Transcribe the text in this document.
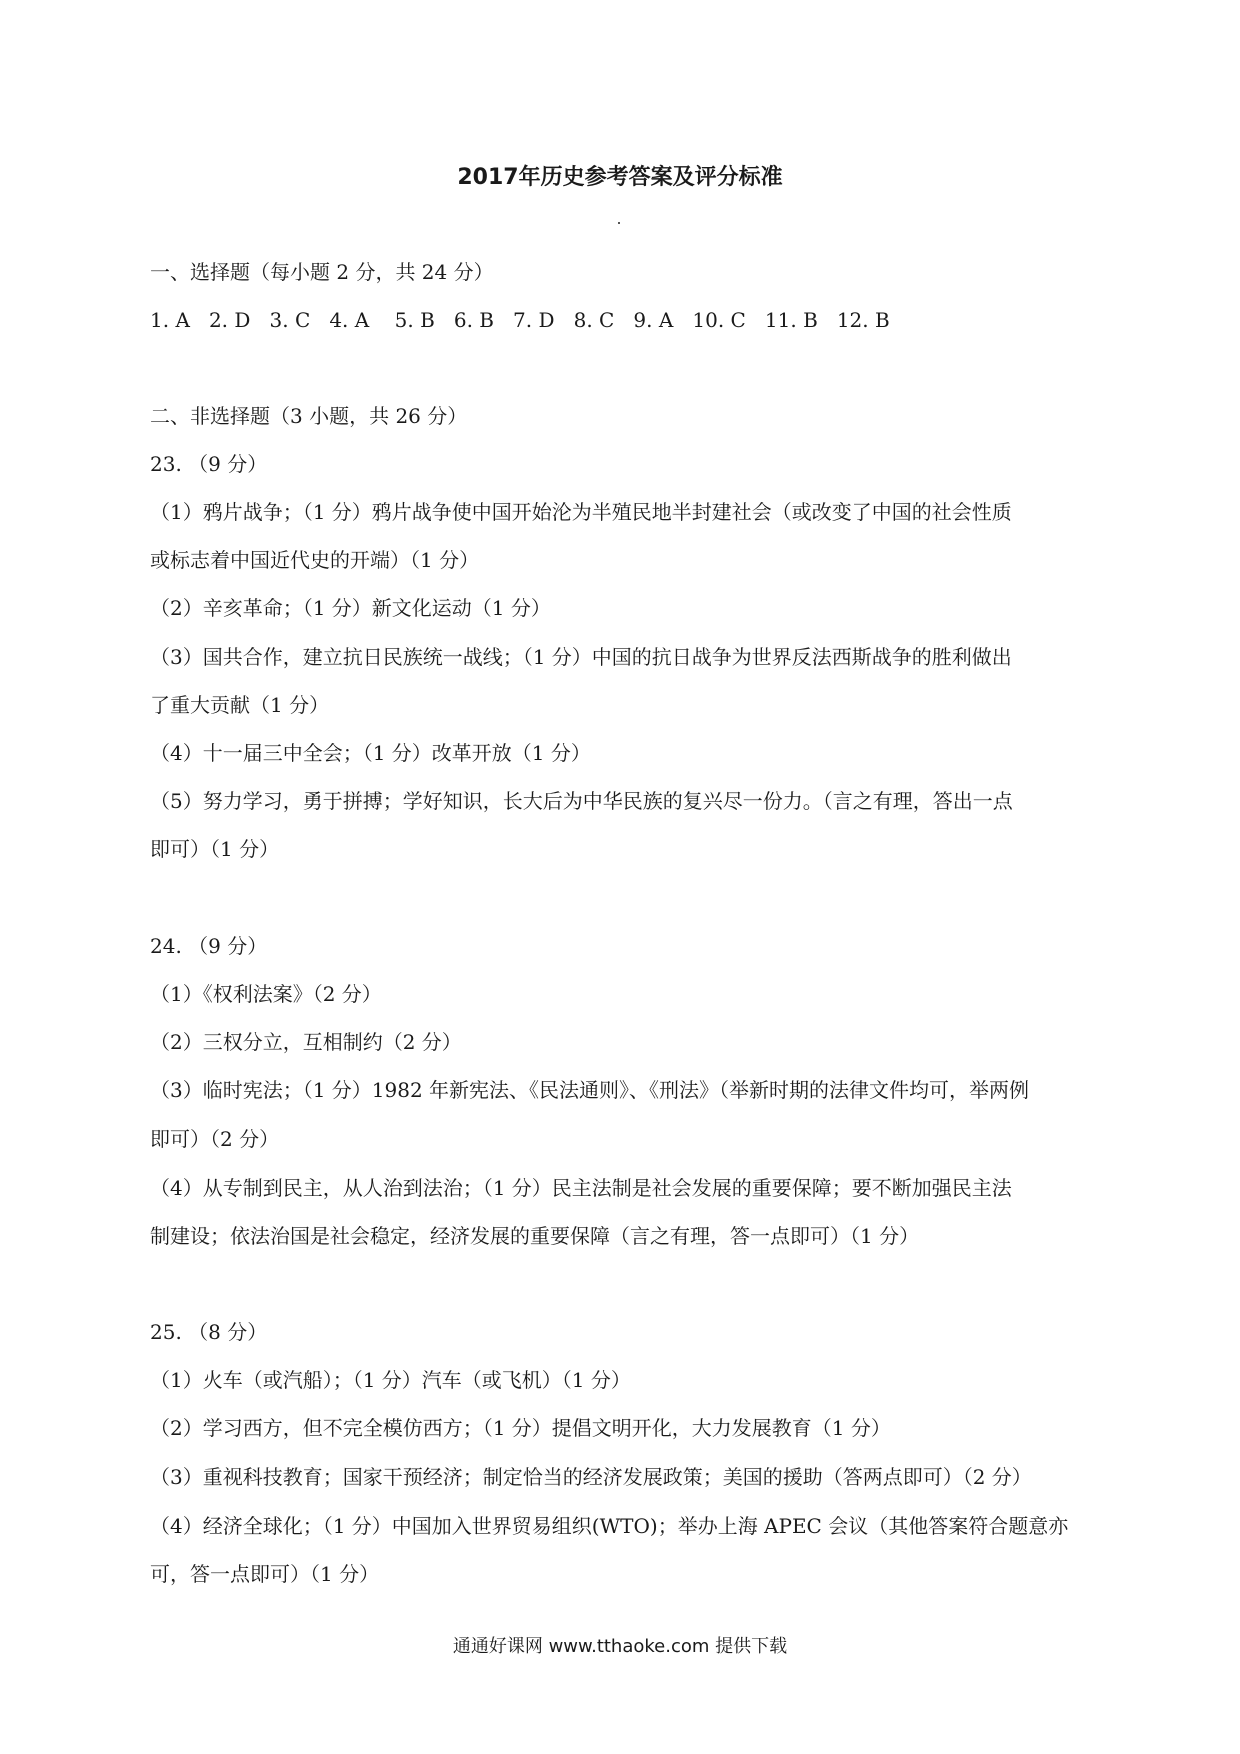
2017年历史参考答案及评分标准
一、选择题（每小题 2 分，共 24 分）
1. A   2. D   3. C   4. A    5. B   6. B   7. D   8. C   9. A   10. C   11. B   12. B
二、非选择题（3 小题，共 26 分）
23. （9 分）
（1）鸦片战争；（1 分）鸦片战争使中国开始沦为半殖民地半封建社会（或改变了中国的社会性质
或标志着中国近代史的开端）（1 分）
（2）辛亥革命；（1 分）新文化运动（1 分）
（3）国共合作，建立抗日民族统一战线；（1 分）中国的抗日战争为世界反法西斯战争的胜利做出
了重大贡献（1 分）
（4）十一届三中全会；（1 分）改革开放（1 分）
（5）努力学习，勇于拼搏；学好知识，长大后为中华民族的复兴尽一份力。（言之有理，答出一点
即可）（1 分）
24. （9 分）
（1）《权利法案》（2 分）
（2）三权分立，互相制约（2 分）
（3）临时宪法；（1 分）1982 年新宪法、《民法通则》、《刑法》（举新时期的法律文件均可，举两例
即可）（2 分）
（4）从专制到民主，从人治到法治；（1 分）民主法制是社会发展的重要保障；要不断加强民主法
制建设；依法治国是社会稳定，经济发展的重要保障（言之有理，答一点即可）（1 分）
25. （8 分）
（1）火车（或汽船）；（1 分）汽车（或飞机）（1 分）
（2）学习西方，但不完全模仿西方；（1 分）提倡文明开化，大力发展教育（1 分）
（3）重视科技教育；国家干预经济；制定恰当的经济发展政策；美国的援助（答两点即可）（2 分）
（4）经济全球化；（1 分）中国加入世界贸易组织(WTO)；举办上海 APEC 会议（其他答案符合题意亦
可，答一点即可）（1 分）
通通好课网 www.tthaoke.com 提供下载
